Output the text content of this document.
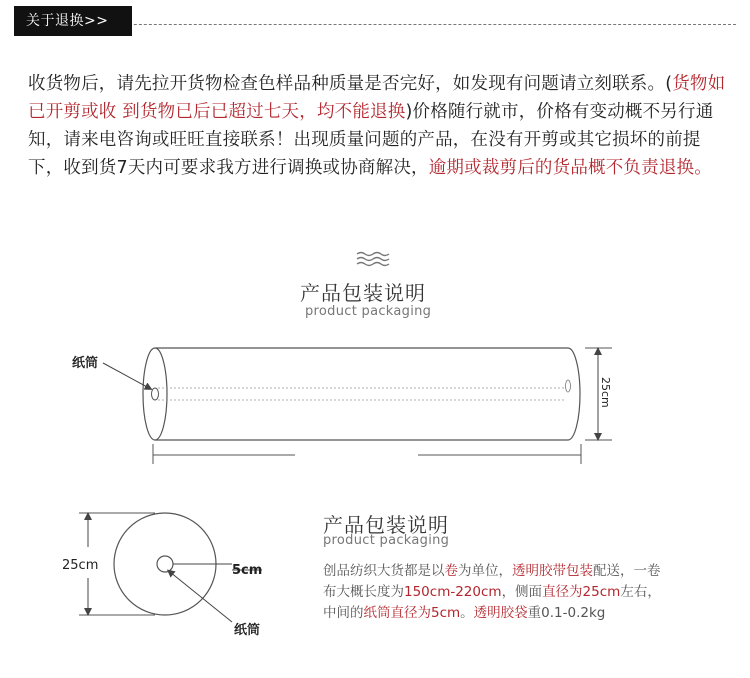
关于退换>>
收货物后，请先拉开货物检查色样品种质量是否完好，如发现有问题请立刻联系。(货物如已开剪或收 到货物已后已超过七天，均不能退换)价格随行就市，价格有变动概不另行通知，请来电咨询或旺旺直接联系！出现质量问题的产品，在没有开剪或其它损坏的前提下，收到货7天内可要求我方进行调换或协商解决，逾期或裁剪后的货品概不负责退换。
产品包装说明
product packaging
纸筒
25cm
25cm	5cm
纸筒
产品包装说明
product packaging
创品纺织大货都是以卷为单位，透明胶带包装配送，一卷布大概长度为150cm-220cm，侧面直径为25cm左右，中间的纸筒直径为5cm。透明胶袋重0.1-0.2kg
